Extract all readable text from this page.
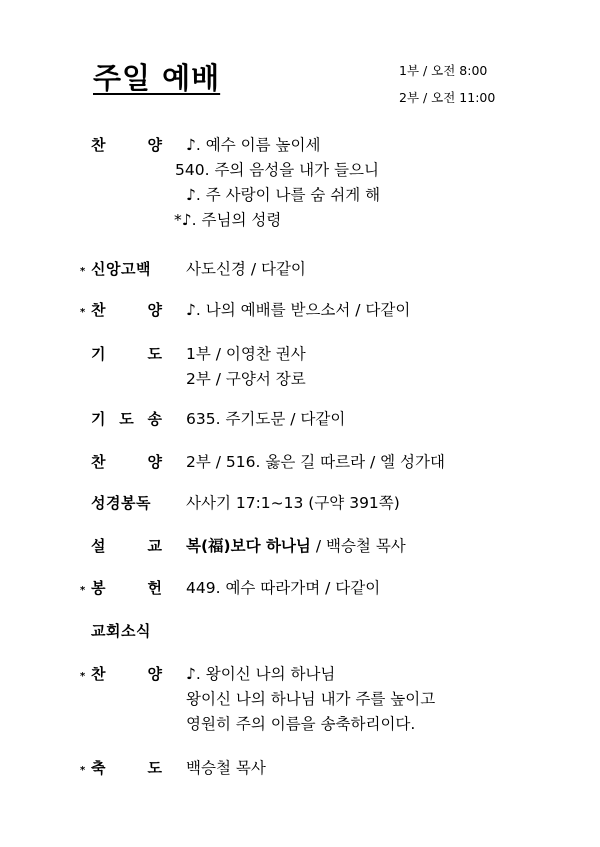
주일 예배	1부 / 오전 8:00
2부 / 오전 11:00
찬	양 ♪. 예수 이름 높이세
540. 주의 음성을 내가 들으니
♪. 주 사랑이 나를 숨 쉬게 해
*♪. 주님의 성령
* 신앙고백 사도신경 / 다같이
* 찬	양 ♪. 나의 예배를 받으소서 / 다같이
기	도 1부 / 이영찬 권사
2부 / 구양서 장로
기 도 송 635. 주기도문 / 다같이
찬	양 2부 / 516. 옳은 길 따르라 / 엘 성가대
성경봉독 사사기 17:1~13 (구약 391쪽)
설	교 복(福)보다 하나님 / 백승철 목사
* 봉	헌 449. 예수 따라가며 / 다같이
교회소식
* 찬	양 ♪. 왕이신 나의 하나님
왕이신 나의 하나님 내가 주를 높이고
영원히 주의 이름을 송축하리이다.
* 축	도 백승철 목사
